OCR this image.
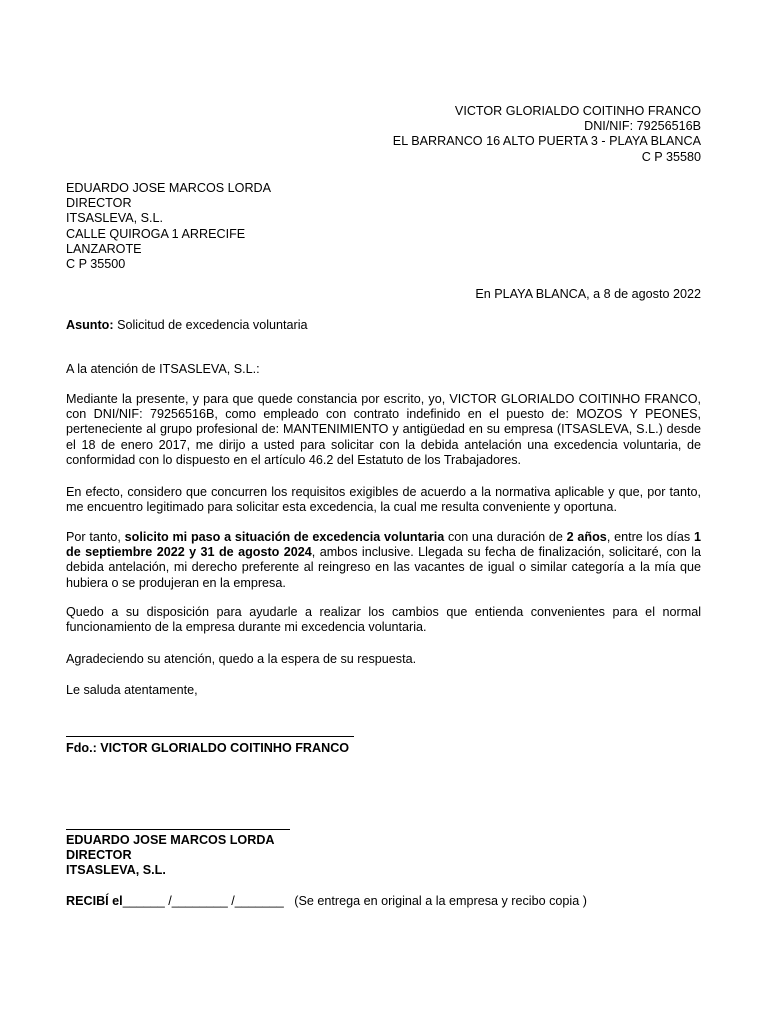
VICTOR GLORIALDO COITINHO FRANCO
DNI/NIF: 79256516B
EL BARRANCO 16 ALTO PUERTA 3 - PLAYA BLANCA
C P 35580
EDUARDO JOSE MARCOS LORDA
DIRECTOR
ITSASLEVA, S.L.
CALLE QUIROGA 1 ARRECIFE
LANZAROTE
C P 35500
En PLAYA BLANCA, a 8 de agosto 2022
Asunto: Solicitud de excedencia voluntaria
A la atención de ITSASLEVA, S.L.:
Mediante la presente, y para que quede constancia por escrito, yo, VICTOR GLORIALDO COITINHO FRANCO, con DNI/NIF: 79256516B, como empleado con contrato indefinido en el puesto de: MOZOS Y PEONES, perteneciente al grupo profesional de: MANTENIMIENTO y antigüedad en su empresa (ITSASLEVA, S.L.) desde el 18 de enero 2017, me dirijo a usted para solicitar con la debida antelación una excedencia voluntaria, de conformidad con lo dispuesto en el artículo 46.2 del Estatuto de los Trabajadores.
En efecto, considero que concurren los requisitos exigibles de acuerdo a la normativa aplicable y que, por tanto, me encuentro legitimado para solicitar esta excedencia, la cual me resulta conveniente y oportuna.
Por tanto, solicito mi paso a situación de excedencia voluntaria con una duración de 2 años, entre los días 1 de septiembre 2022 y 31 de agosto 2024, ambos inclusive. Llegada su fecha de finalización, solicitaré, con la debida antelación, mi derecho preferente al reingreso en las vacantes de igual o similar categoría a la mía que hubiera o se produjeran en la empresa.
Quedo a su disposición para ayudarle a realizar los cambios que entienda convenientes para el normal funcionamiento de la empresa durante mi excedencia voluntaria.
Agradeciendo su atención, quedo a la espera de su respuesta.
Le saluda atentamente,
Fdo.: VICTOR GLORIALDO COITINHO FRANCO
EDUARDO JOSE MARCOS LORDA
DIRECTOR
ITSASLEVA, S.L.
RECIBÍ el______ /________ /_______ (Se entrega en original a la empresa y recibo copia )
